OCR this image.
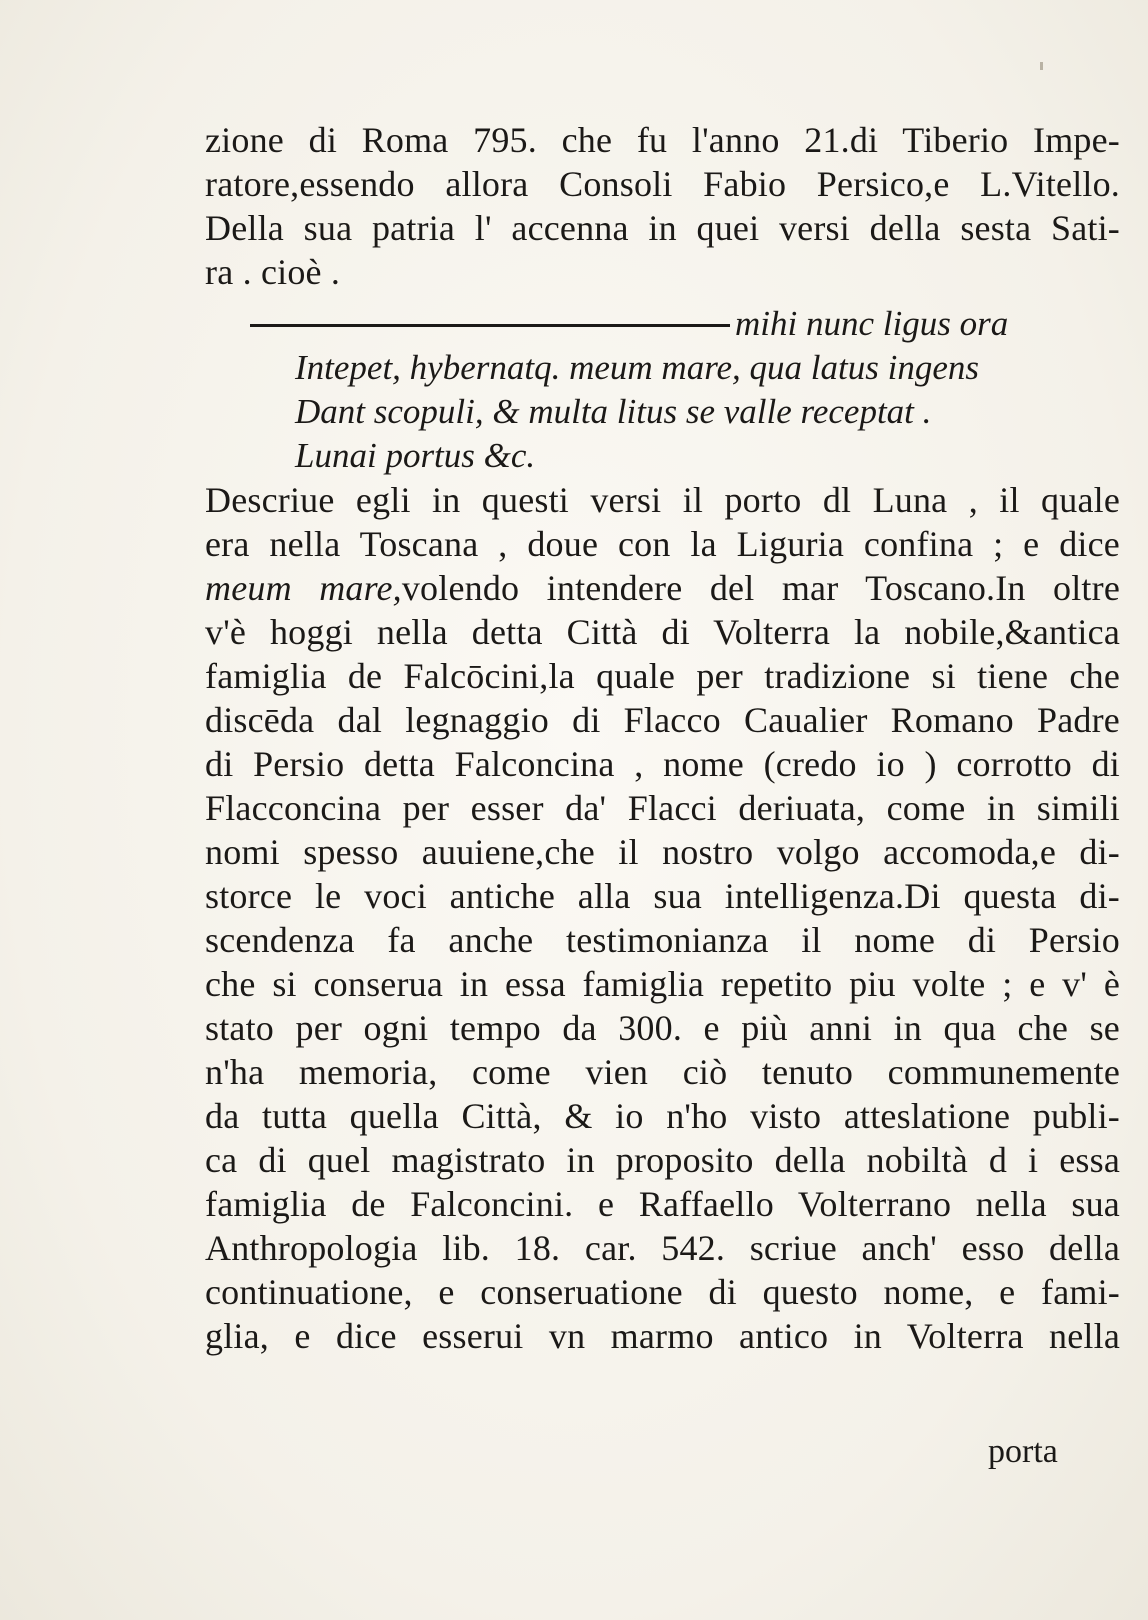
zione di Roma 795. che fu l'anno 21.di Tiberio Impe-
ratore,essendo allora Consoli Fabio Persico,e L.Vitello.
Della sua patria l' accenna in quei versi della sesta Sati-
ra . cioè .
mihi nunc ligus ora
Intepet, hybernatq. meum mare, qua latus ingens
Dant scopuli, & multa litus se valle receptat .
Lunai portus &c.
Descriue egli in questi versi il porto dl Luna , il quale
era nella Toscana , doue con la Liguria confina ; e dice
meum mare,volendo intendere del mar Toscano.In oltre
v'è hoggi nella detta Città di Volterra la nobile,&antica
famiglia de Falcōcini,la quale per tradizione si tiene che
discēda dal legnaggio di Flacco Caualier Romano Padre
di Persio detta Falconcina , nome (credo io ) corrotto di
Flacconcina per esser da' Flacci deriuata, come in simili
nomi spesso auuiene,che il nostro volgo accomoda,e di-
storce le voci antiche alla sua intelligenza.Di questa di-
scendenza fa anche testimonianza il nome di Persio
che si conserua in essa famiglia repetito piu volte ; e v' è
stato per ogni tempo da 300. e più anni in qua che se
n'ha memoria, come vien ciò tenuto communemente
da tutta quella Città, & io n'ho visto atteslatione publi-
ca di quel magistrato in proposito della nobiltà d i essa
famiglia de Falconcini. e Raffaello Volterrano nella sua
Anthropologia lib. 18. car. 542. scriue anch' esso della
continuatione, e conseruatione di questo nome, e fami-
glia, e dice esserui vn marmo antico in Volterra nella
porta
